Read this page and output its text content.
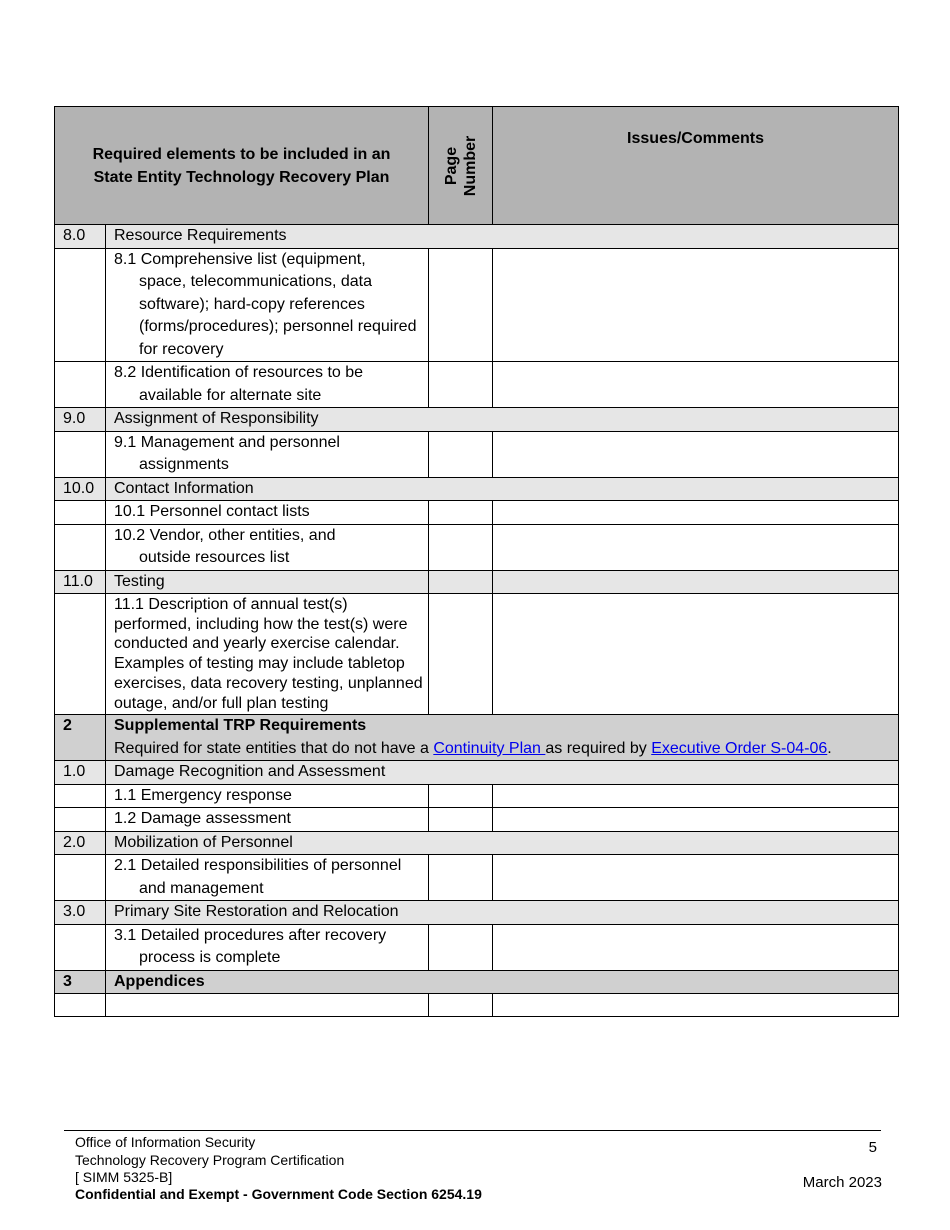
Required elements to be included in an
State Entity Technology Recovery Plan		Page Number	Issues/Comments
8.0	Resource Requirements		

	8.1 Comprehensive list (equipment,
space, telecommunications, data software); hard-copy references (forms/procedures); personnel required for recovery		

	8.2 Identification of resources to be
available for alternate site		

9.0	Assignment of Responsibility		

	9.1 Management and personnel
assignments		

10.0	Contact Information		

	10.1 Personnel contact lists		

	10.2 Vendor, other entities, and
outside resources list		

11.0	Testing		
	11.1 Description of annual test(s) performed, including how the test(s) were conducted and yearly exercise calendar. Examples of testing may include tabletop exercises, data recovery testing, unplanned outage, and/or full plan testing		
2	Supplemental TRP Requirements
Required for state entities that do not have a Continuity Plan as required by Executive Order S-04-06.		

1.0	Damage Recognition and Assessment		

	1.1 Emergency response		

	1.2 Damage assessment		

2.0	Mobilization of Personnel		

	2.1 Detailed responsibilities of personnel
and management		

3.0	Primary Site Restoration and Relocation		

	3.1 Detailed procedures after recovery
process is complete		

3	Appendices		

Office of Information Security
Technology Recovery Program Certification
[ SIMM 5325-B]
Confidential and Exempt - Government Code Section 6254.19
5
March 2023
